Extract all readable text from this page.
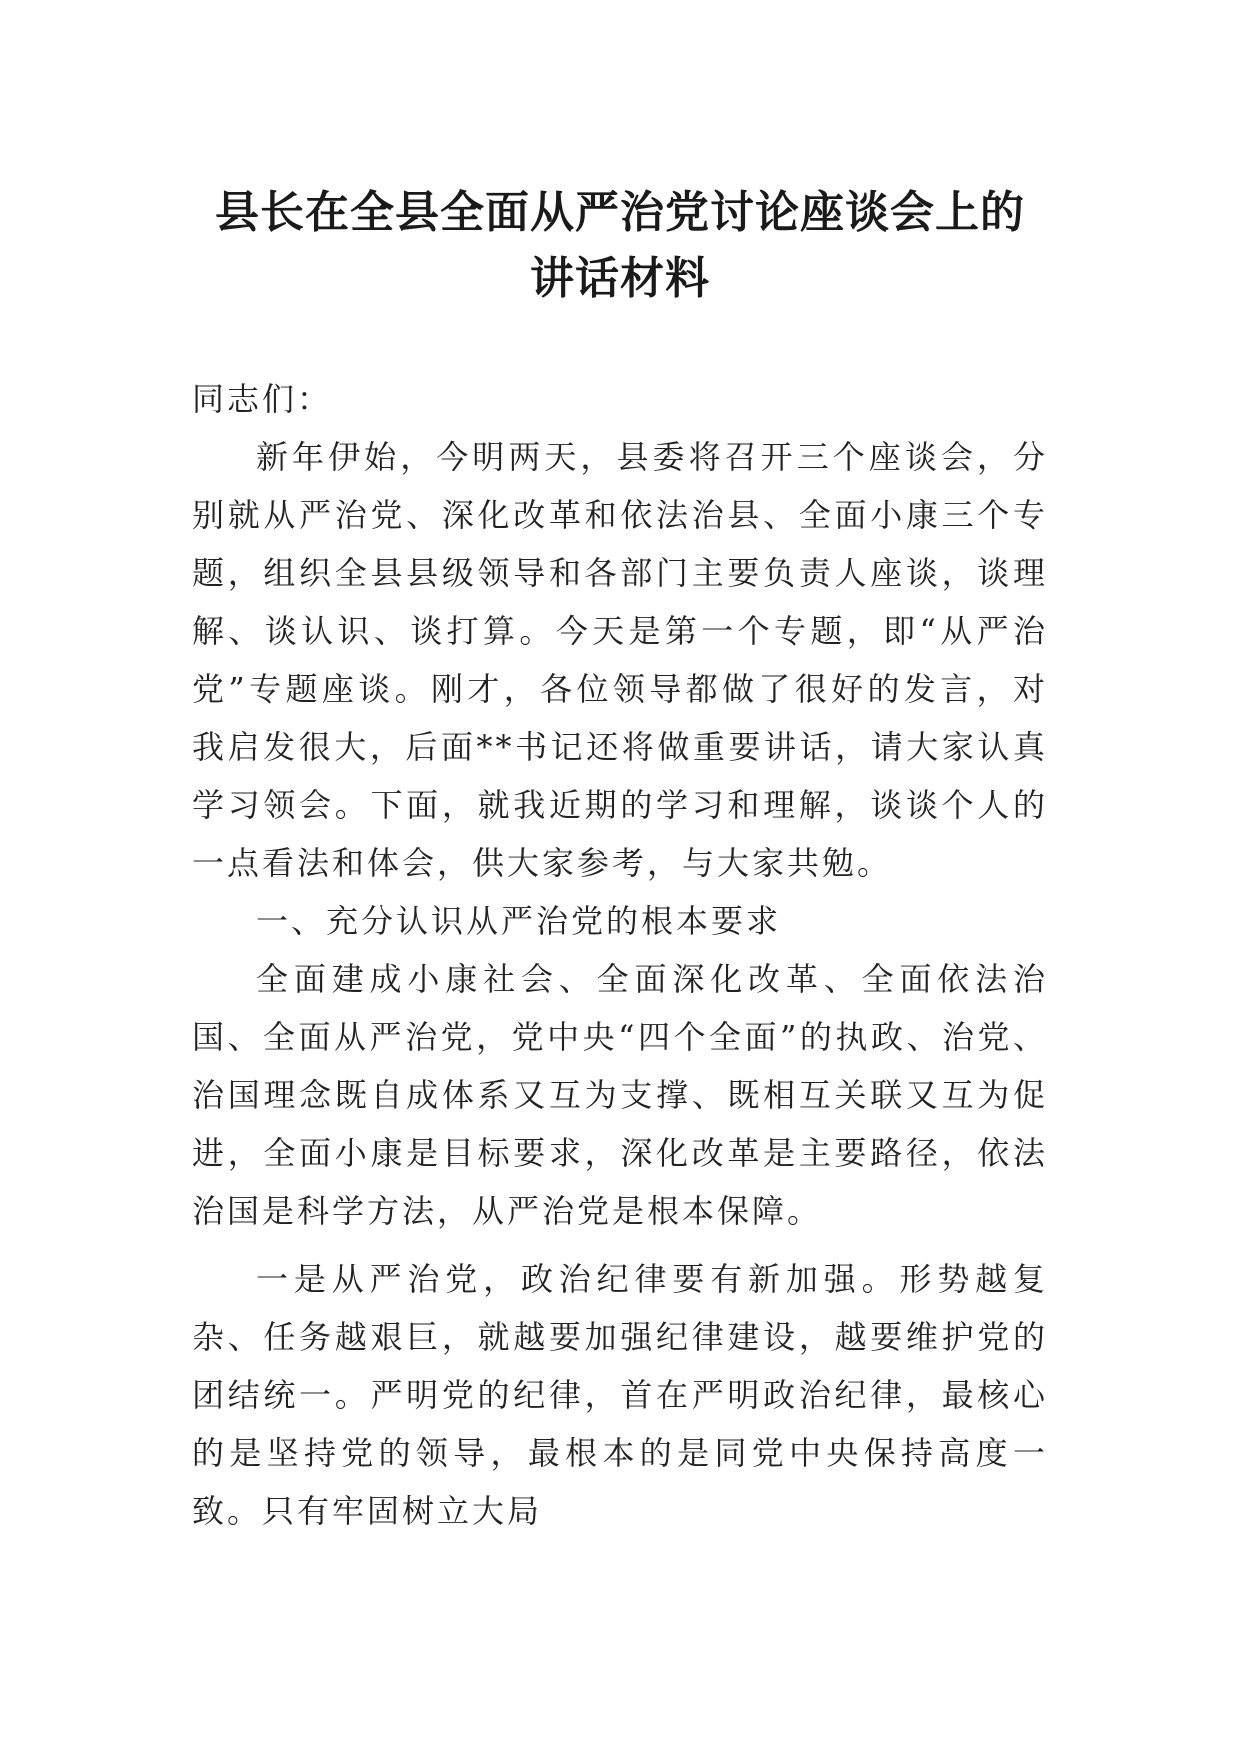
县长在全县全面从严治党讨论座谈会上的
讲话材料

同志们：

新年伊始，今明两天，县委将召开三个座谈会，分别就从严治党、深化改革和依法治县、全面小康三个专题，组织全县县级领导和各部门主要负责人座谈，谈理解、谈认识、谈打算。今天是第一个专题，即“从严治党”专题座谈。刚才，各位领导都做了很好的发言，对我启发很大，后面**书记还将做重要讲话，请大家认真学习领会。下面，就我近期的学习和理解，谈谈个人的一点看法和体会，供大家参考，与大家共勉。

一、充分认识从严治党的根本要求

全面建成小康社会、全面深化改革、全面依法治国、全面从严治党，党中央“四个全面”的执政、治党、治国理念既自成体系又互为支撑、既相互关联又互为促进，全面小康是目标要求，深化改革是主要路径，依法治国是科学方法，从严治党是根本保障。

一是从严治党，政治纪律要有新加强。形势越复杂、任务越艰巨，就越要加强纪律建设，越要维护党的团结统一。严明党的纪律，首在严明政治纪律，最核心的是坚持党的领导，最根本的是同党中央保持高度一致。只有牢固树立大局
